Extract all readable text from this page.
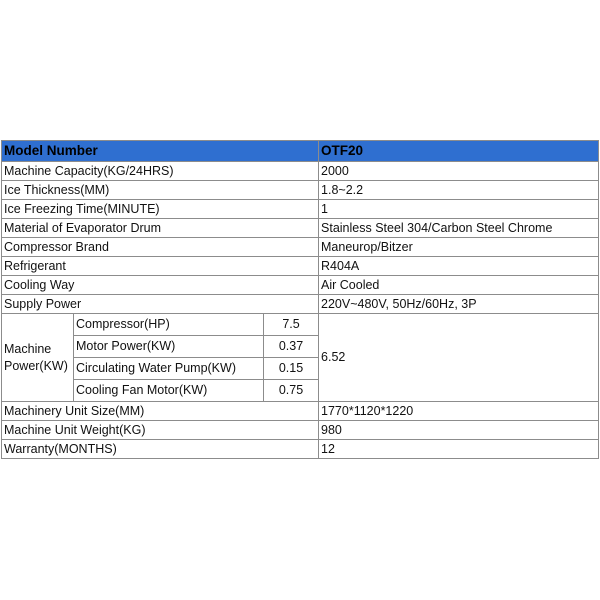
Model Number			OTF20
Machine Capacity(KG/24HRS)			2000
Ice Thickness(MM)			1.8~2.2
Ice Freezing Time(MINUTE)			1
Material of Evaporator Drum			Stainless Steel 304/Carbon Steel Chrome
Compressor Brand			Maneurop/Bitzer
Refrigerant			R404A
Cooling Way			Air Cooled
Supply Power			220V~480V, 50Hz/60Hz, 3P
Machine Power(KW)	Compressor(HP)	7.5	6.52
	Motor Power(KW)	0.37	
	Circulating Water Pump(KW)	0.15	
	Cooling Fan Motor(KW)	0.75	
Machinery Unit Size(MM)			1770*1120*1220
Machine Unit Weight(KG)			980
Warranty(MONTHS)			12
